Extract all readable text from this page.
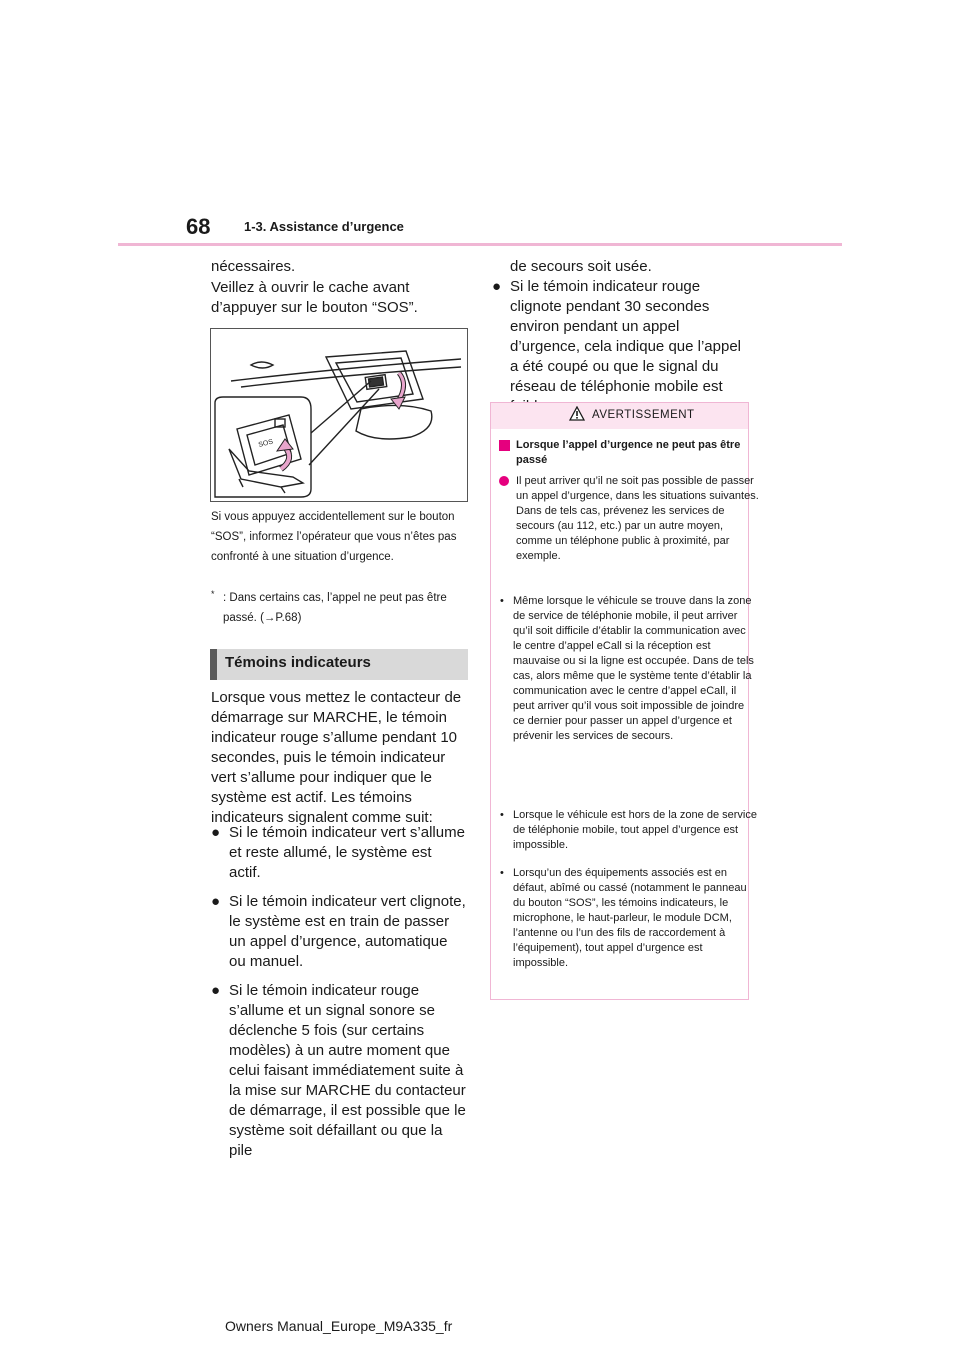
68	1-3. Assistance d’urgence
nécessaires.
Veillez à ouvrir le cache avant d’appuyer sur le bouton “SOS”.
SOS
Si vous appuyez accidentellement sur le bouton “SOS”, informez l’opérateur que vous n’êtes pas confronté à une situation d’urgence.
* : Dans certains cas, l’appel ne peut pas être passé. (→P.68)
Témoins indicateurs
Lorsque vous mettez le contacteur de démarrage sur MARCHE, le témoin indicateur rouge s’allume pendant 10 secondes, puis le témoin indicateur vert s’allume pour indiquer que le système est actif. Les témoins indicateurs signalent comme suit:
● Si le témoin indicateur vert s’allume et reste allumé, le système est actif.
● Si le témoin indicateur vert clignote, le système est en train de passer un appel d’urgence, automatique ou manuel.
● Si le témoin indicateur rouge s’allume et un signal sonore se déclenche 5 fois (sur certains modèles) à un autre moment que celui faisant immédiatement suite à la mise sur MARCHE du contacteur de démarrage, il est possible que le système soit défaillant ou que la pile
de secours soit usée.
● Si le témoin indicateur rouge clignote pendant 30 secondes environ pendant un appel d’urgence, cela indique que l’appel a été coupé ou que le signal du réseau de téléphonie mobile est
AVERTISSEMENT
Lorsque l’appel d’urgence ne peut pas être passé
Il peut arriver qu’il ne soit pas possible de passer un appel d’urgence, dans les situations suivantes. Dans de tels cas, prévenez les services de secours (au 112, etc.) par un autre moyen, comme un téléphone public à proximité, par exemple.
• Même lorsque le véhicule se trouve dans la zone de service de téléphonie mobile, il peut arriver qu’il soit difficile d’établir la communication avec le centre d’appel eCall si la réception est mauvaise ou si la ligne est occupée. Dans de tels cas, alors même que le système tente d’établir la communication avec le centre d’appel eCall, il peut arriver qu’il vous soit impossible de joindre ce dernier pour passer un appel d’urgence et prévenir les services de secours.
• Lorsque le véhicule est hors de la zone de service de téléphonie mobile, tout appel d’urgence est impossible.
• Lorsqu’un des équipements associés est en défaut, abîmé ou cassé (notamment le panneau du bouton “SOS”, les témoins indicateurs, le microphone, le haut-parleur, le module DCM, l’antenne ou l’un des fils de raccordement à l’équipement), tout appel d’urgence est impossible.
Owners Manual_Europe_M9A335_fr
